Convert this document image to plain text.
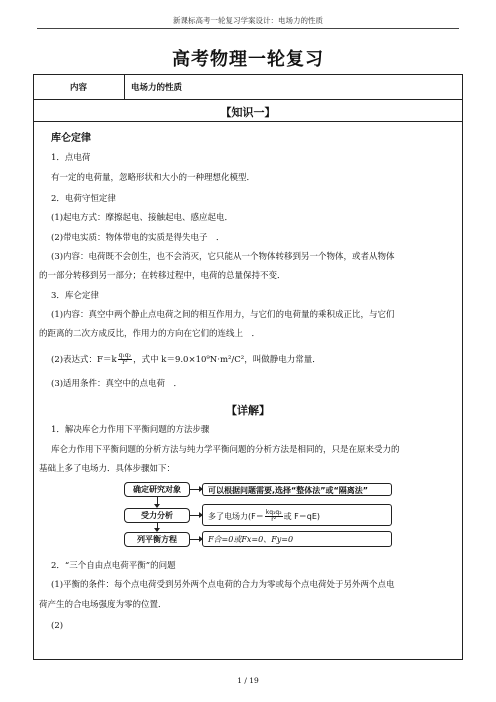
新课标高考一轮复习学案设计：电场力的性质
高考物理一轮复习
内容	电场力的性质
【知识一】
库仑定律
1．点电荷
有一定的电荷量，忽略形状和大小的一种理想化模型．
2．电荷守恒定律
(1)起电方式：摩擦起电、接触起电、感应起电．
(2)带电实质：物体带电的实质是得失电子　．
(3)内容：电荷既不会创生，也不会消灭，它只能从一个物体转移到另一个物体，或者从物体
的一部分转移到另一部分；在转移过程中，电荷的总量保持不变．
3．库仑定律
(1)内容：真空中两个静止点电荷之间的相互作用力，与它们的电荷量的乘积成正比，与它们
的距离的二次方成反比，作用力的方向在它们的连线上　．
(2)表达式：$F=k \frac{\text{q₁q₂}}{\text{r²}}$ ，式中 k＝9.0×10⁹N·m²/C²，叫做静电力常量．
(3)适用条件：真空中的点电荷　．
【详解】
1．解决库仑力作用下平衡问题的方法步骤
库仑力作用下平衡问题的分析方法与纯力学平衡问题的分析方法是相同的，只是在原来受力的
基础上多了电场力．具体步骤如下：
确定研究对象
受力分析
列平衡方程
可以根据问题需要,选择“整体法”或“隔离法”
多了电场力($F= \frac{\text{kq₁q₂}}{\text{r²}}$ 或 F＝qE)
F合=0或Fx=0、Fy=0
2．“三个自由点电荷平衡”的问题
(1)平衡的条件：每个点电荷受到另外两个点电荷的合力为零或每个点电荷处于另外两个点电
荷产生的合电场强度为零的位置．
(2)
1 / 19
